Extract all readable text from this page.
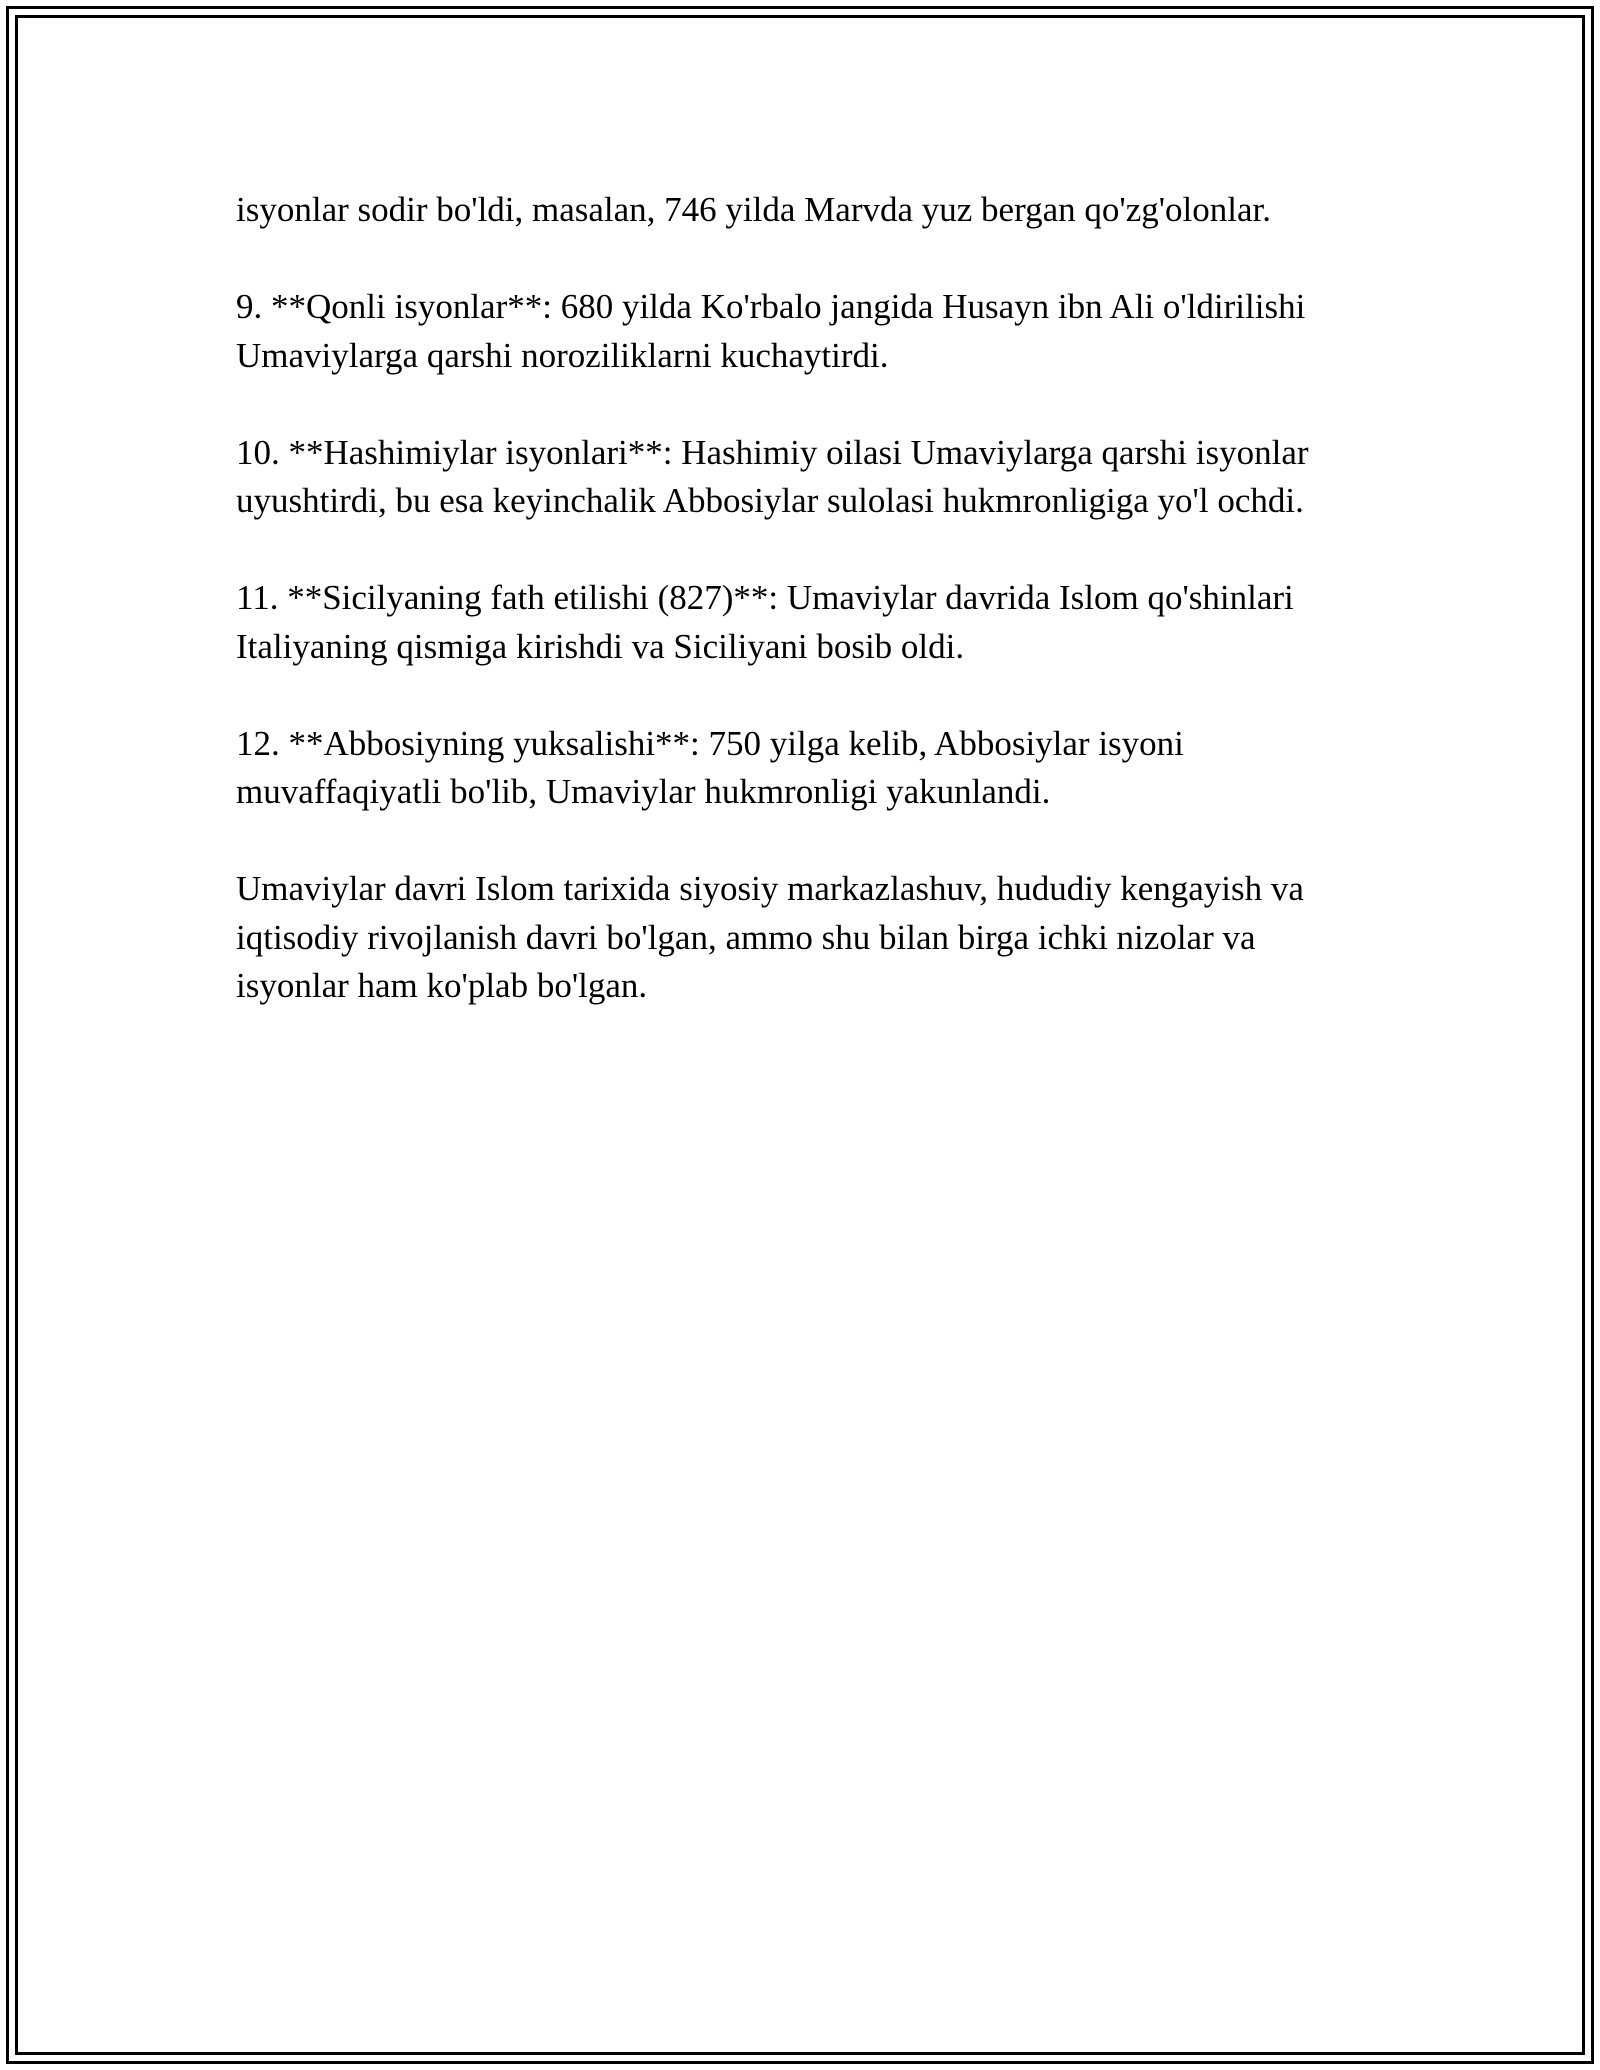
isyonlar sodir bo'ldi, masalan, 746 yilda Marvda yuz bergan qo'zg'olonlar.

9. **Qonli isyonlar**: 680 yilda Ko'rbalo jangida Husayn ibn Ali o'ldirilishi
Umaviylarga qarshi noroziliklarni kuchaytirdi.

10. **Hashimiylar isyonlari**: Hashimiy oilasi Umaviylarga qarshi isyonlar
uyushtirdi, bu esa keyinchalik Abbosiylar sulolasi hukmronligiga yo'l ochdi.

11. **Sicilyaning fath etilishi (827)**: Umaviylar davrida Islom qo'shinlari
Italiyaning qismiga kirishdi va Siciliyani bosib oldi.

12. **Abbosiyning yuksalishi**: 750 yilga kelib, Abbosiylar isyoni
muvaffaqiyatli bo'lib, Umaviylar hukmronligi yakunlandi.

Umaviylar davri Islom tarixida siyosiy markazlashuv, hududiy kengayish va
iqtisodiy rivojlanish davri bo'lgan, ammo shu bilan birga ichki nizolar va
isyonlar ham ko'plab bo'lgan.
